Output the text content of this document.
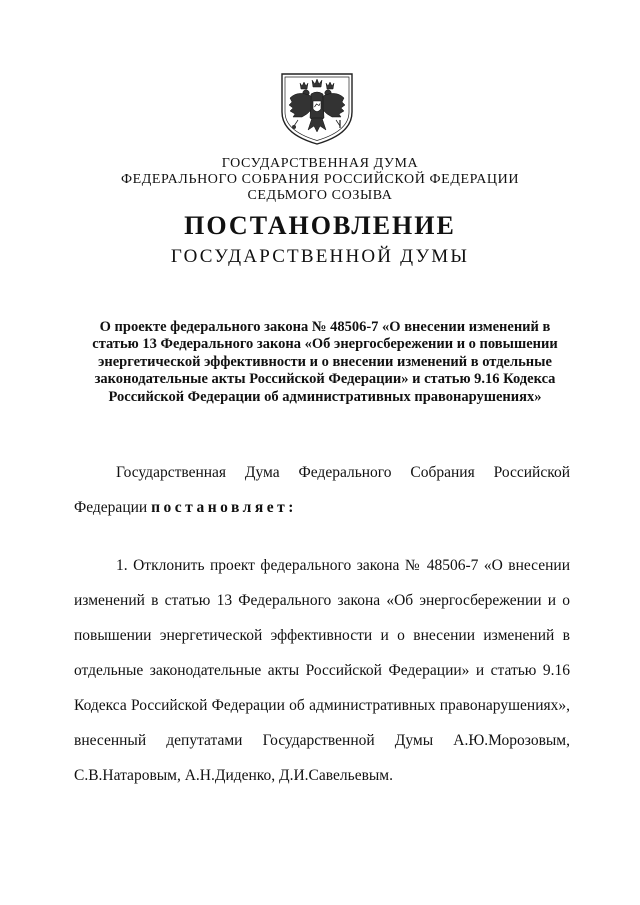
ГОСУДАРСТВЕННАЯ ДУМА
ФЕДЕРАЛЬНОГО СОБРАНИЯ РОССИЙСКОЙ ФЕДЕРАЦИИ
СЕДЬМОГО СОЗЫВА
ПОСТАНОВЛЕНИЕ
ГОСУДАРСТВЕННОЙ ДУМЫ
О проекте федерального закона № 48506-7 «О внесении изменений в
статью 13 Федерального закона «Об энергосбережении и о повышении
энергетической эффективности и о внесении изменений в отдельные
законодательные акты Российской Федерации» и статью 9.16 Кодекса
Российской Федерации об административных правонарушениях»
Государственная Дума Федерального Собрания Российской
Федерации постановляет:
1. Отклонить проект федерального закона № 48506-7 «О внесении
изменений в статью 13 Федерального закона «Об энергосбережении и о
повышении энергетической эффективности и о внесении изменений в
отдельные законодательные акты Российской Федерации» и статью 9.16
Кодекса Российской Федерации об административных правонарушениях»,
внесенный депутатами Государственной Думы А.Ю.Морозовым,
С.В.Натаровым, А.Н.Диденко, Д.И.Савельевым.
